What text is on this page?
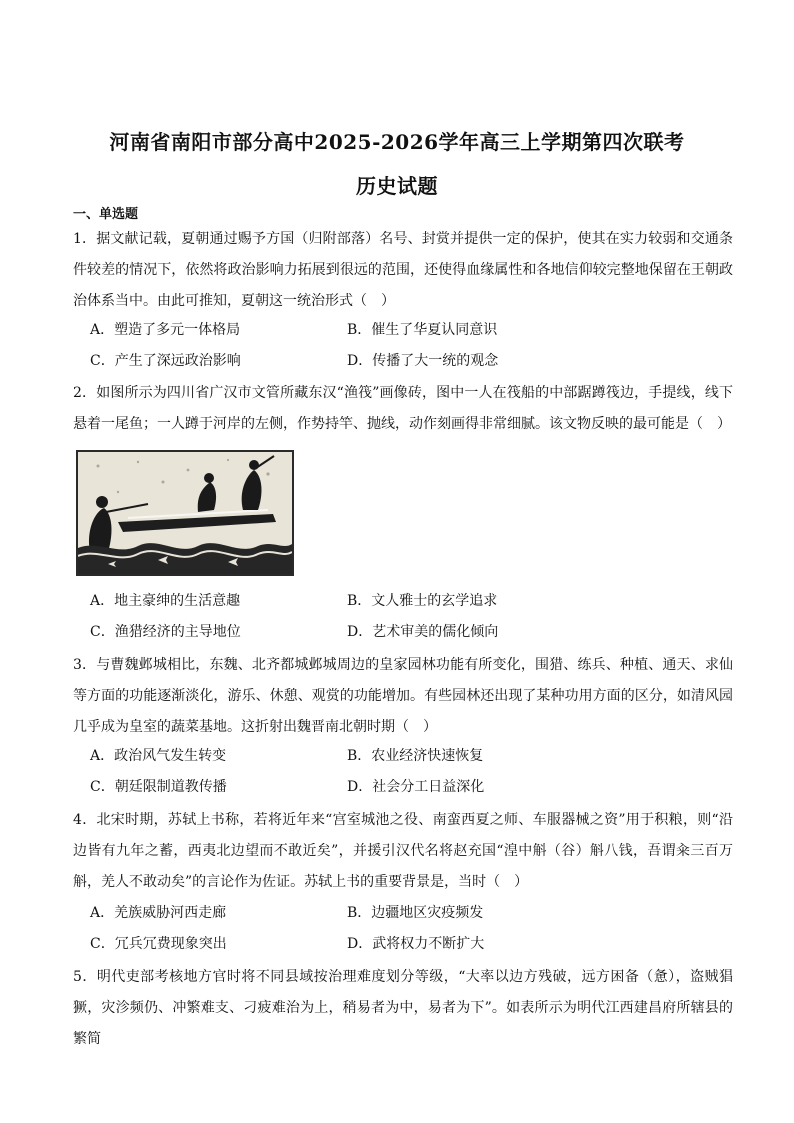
河南省南阳市部分高中2025-2026学年高三上学期第四次联考
历史试题
一、单选题
1．据文献记载，夏朝通过赐予方国（归附部落）名号、封赏并提供一定的保护，使其在实力较弱和交通条件较差的情况下，依然将政治影响力拓展到很远的范围，还使得血缘属性和各地信仰较完整地保留在王朝政治体系当中。由此可推知，夏朝这一统治形式（　）
A．塑造了多元一体格局	B．催生了华夏认同意识
C．产生了深远政治影响	D．传播了大一统的观念
2．如图所示为四川省广汉市文管所藏东汉“渔筏”画像砖，图中一人在筏船的中部踞蹲筏边，手提线，线下悬着一尾鱼；一人蹲于河岸的左侧，作势持竿、抛线，动作刻画得非常细腻。该文物反映的最可能是（　）
A．地主豪绅的生活意趣	B．文人雅士的玄学追求
C．渔猎经济的主导地位	D．艺术审美的儒化倾向
3．与曹魏邺城相比，东魏、北齐都城邺城周边的皇家园林功能有所变化，围猎、练兵、种植、通天、求仙等方面的功能逐渐淡化，游乐、休憩、观赏的功能增加。有些园林还出现了某种功用方面的区分，如清风园几乎成为皇室的蔬菜基地。这折射出魏晋南北朝时期（　）
A．政治风气发生转变	B．农业经济快速恢复
C．朝廷限制道教传播	D．社会分工日益深化
4．北宋时期，苏轼上书称，若将近年来“宫室城池之役、南蛮西夏之师、车服器械之资”用于积粮，则“沿边皆有九年之蓄，西夷北边望而不敢近矣”，并援引汉代名将赵充国“湟中斛（谷）斛八钱，吾谓籴三百万斛，羌人不敢动矣”的言论作为佐证。苏轼上书的重要背景是，当时（　）
A．羌族威胁河西走廊	B．边疆地区灾疫频发
C．冗兵冗费现象突出	D．武将权力不断扩大
5．明代吏部考核地方官时将不同县域按治理难度划分等级，“大率以边方残破，远方困备（惫），盗贼猖獗，灾沴频仍、冲繁难支、刁疲难治为上，稍易者为中，易者为下”。如表所示为明代江西建昌府所辖县的繁简
